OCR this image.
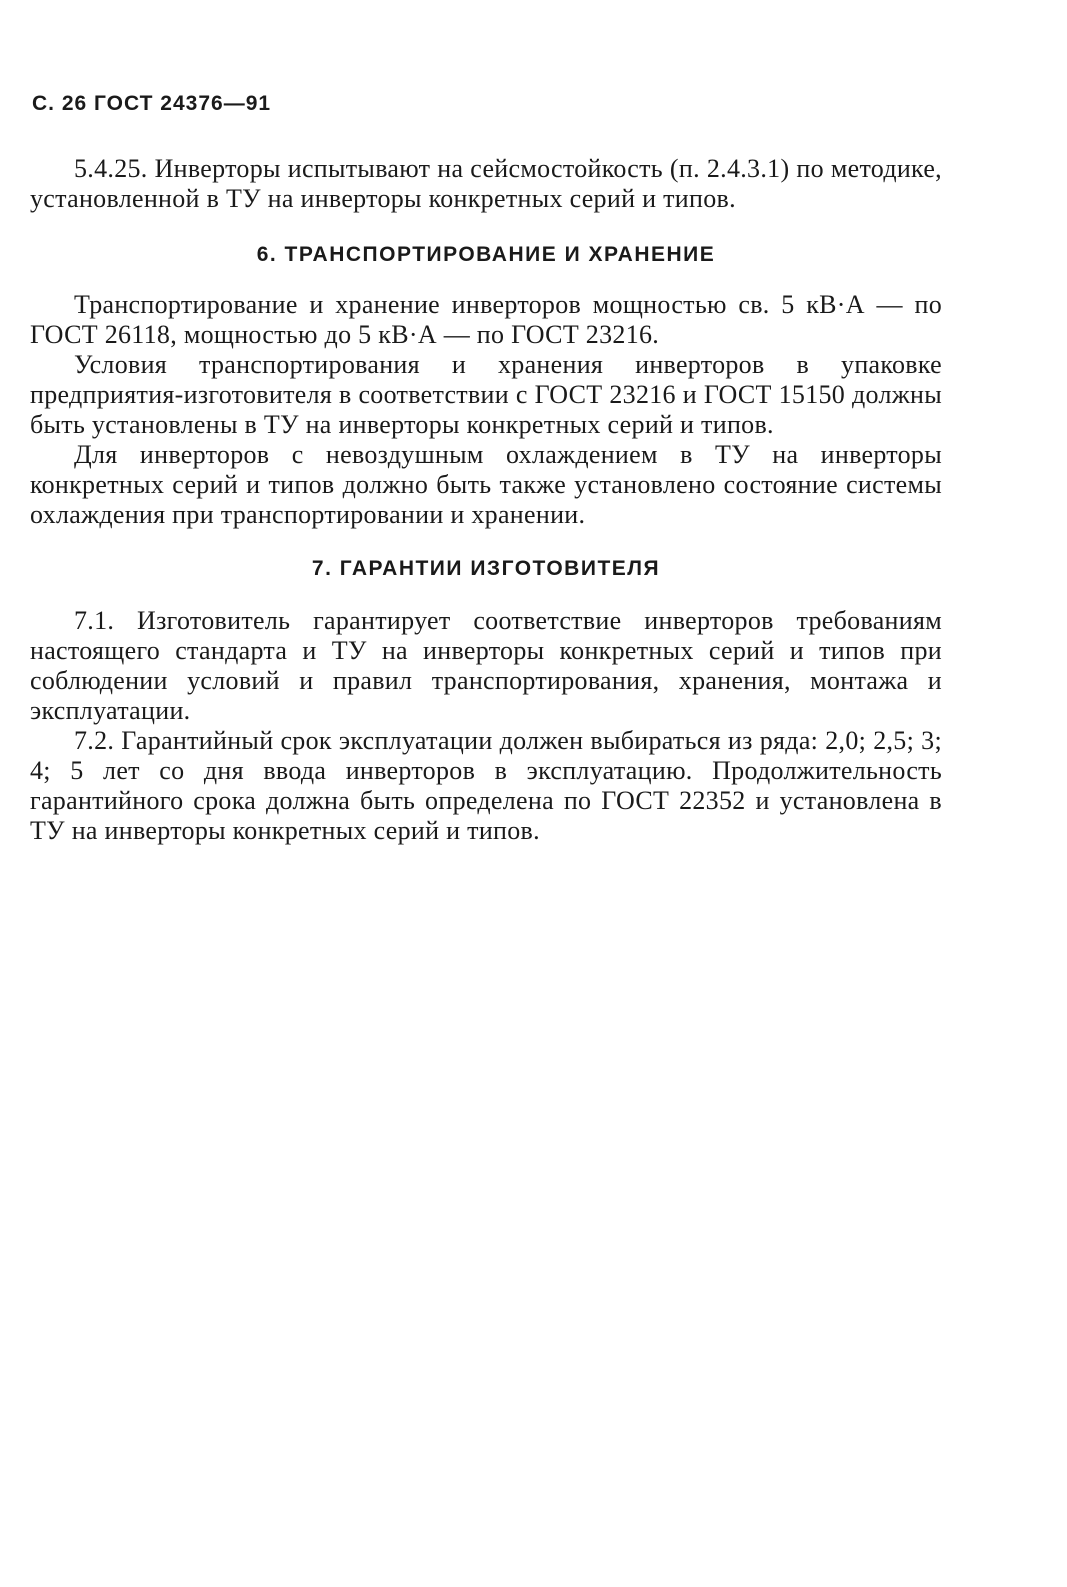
С. 26 ГОСТ 24376—91

5.4.25. Инверторы испытывают на сейсмостойкость (п. 2.4.3.1) по методике, установленной в ТУ на инверторы конкретных серий и типов.

6. ТРАНСПОРТИРОВАНИЕ И ХРАНЕНИЕ

Транспортирование и хранение инверторов мощностью св. 5 кВ·А — по ГОСТ 26118, мощностью до 5 кВ·А — по ГОСТ 23216.

Условия транспортирования и хранения инверторов в упаковке предприятия-изготовителя в соответствии с ГОСТ 23216 и ГОСТ 15150 должны быть установлены в ТУ на инверторы конкретных серий и типов.

Для инверторов с невоздушным охлаждением в ТУ на инверторы конкретных серий и типов должно быть также установлено состояние системы охлаждения при транспортировании и хранении.

7. ГАРАНТИИ ИЗГОТОВИТЕЛЯ

7.1. Изготовитель гарантирует соответствие инверторов требованиям настоящего стандарта и ТУ на инверторы конкретных серий и типов при соблюдении условий и правил транспортирования, хранения, монтажа и эксплуатации.

7.2. Гарантийный срок эксплуатации должен выбираться из ряда: 2,0; 2,5; 3; 4; 5 лет со дня ввода инверторов в эксплуатацию. Продолжительность гарантийного срока должна быть определена по ГОСТ 22352 и установлена в ТУ на инверторы конкретных серий и типов.
